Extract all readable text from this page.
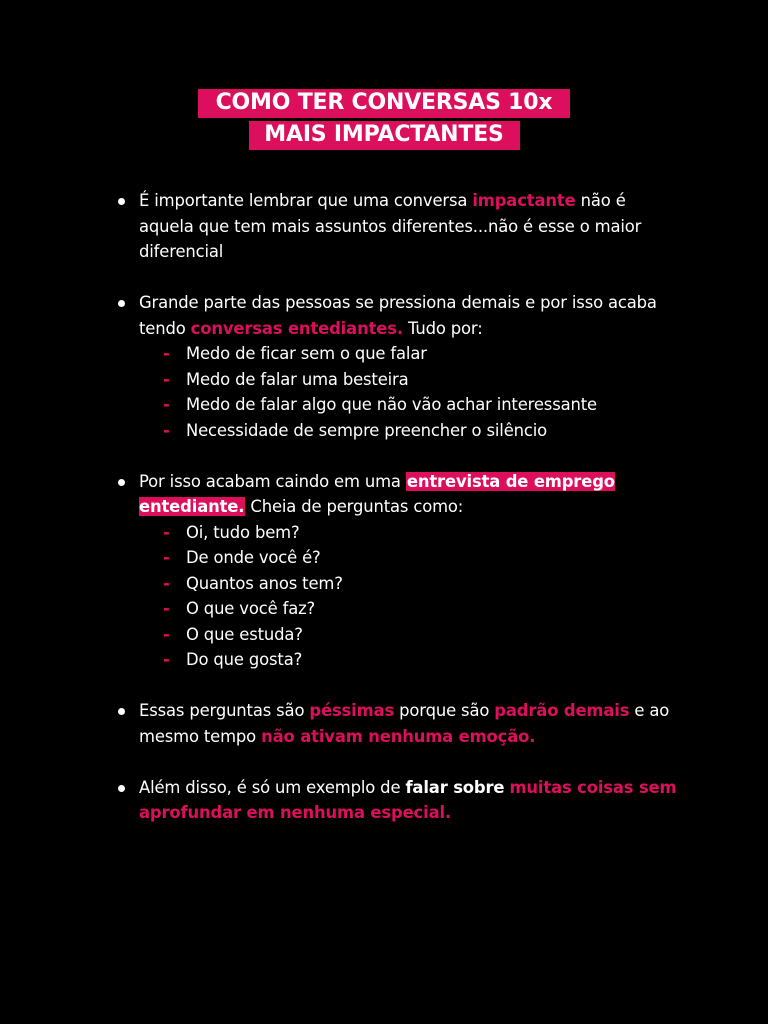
COMO TER CONVERSAS 10x
MAIS IMPACTANTES
É importante lembrar que uma conversa impactante não é aquela que tem mais assuntos diferentes...não é esse o maior diferencial
Grande parte das pessoas se pressiona demais e por isso acaba tendo conversas entediantes. Tudo por:
- Medo de ficar sem o que falar
- Medo de falar uma besteira
- Medo de falar algo que não vão achar interessante
- Necessidade de sempre preencher o silêncio
Por isso acabam caindo em uma entrevista de emprego entediante. Cheia de perguntas como:
- Oi, tudo bem?
- De onde você é?
- Quantos anos tem?
- O que você faz?
- O que estuda?
- Do que gosta?
Essas perguntas são péssimas porque são padrão demais e ao mesmo tempo não ativam nenhuma emoção.
Além disso, é só um exemplo de falar sobre muitas coisas sem aprofundar em nenhuma especial.
